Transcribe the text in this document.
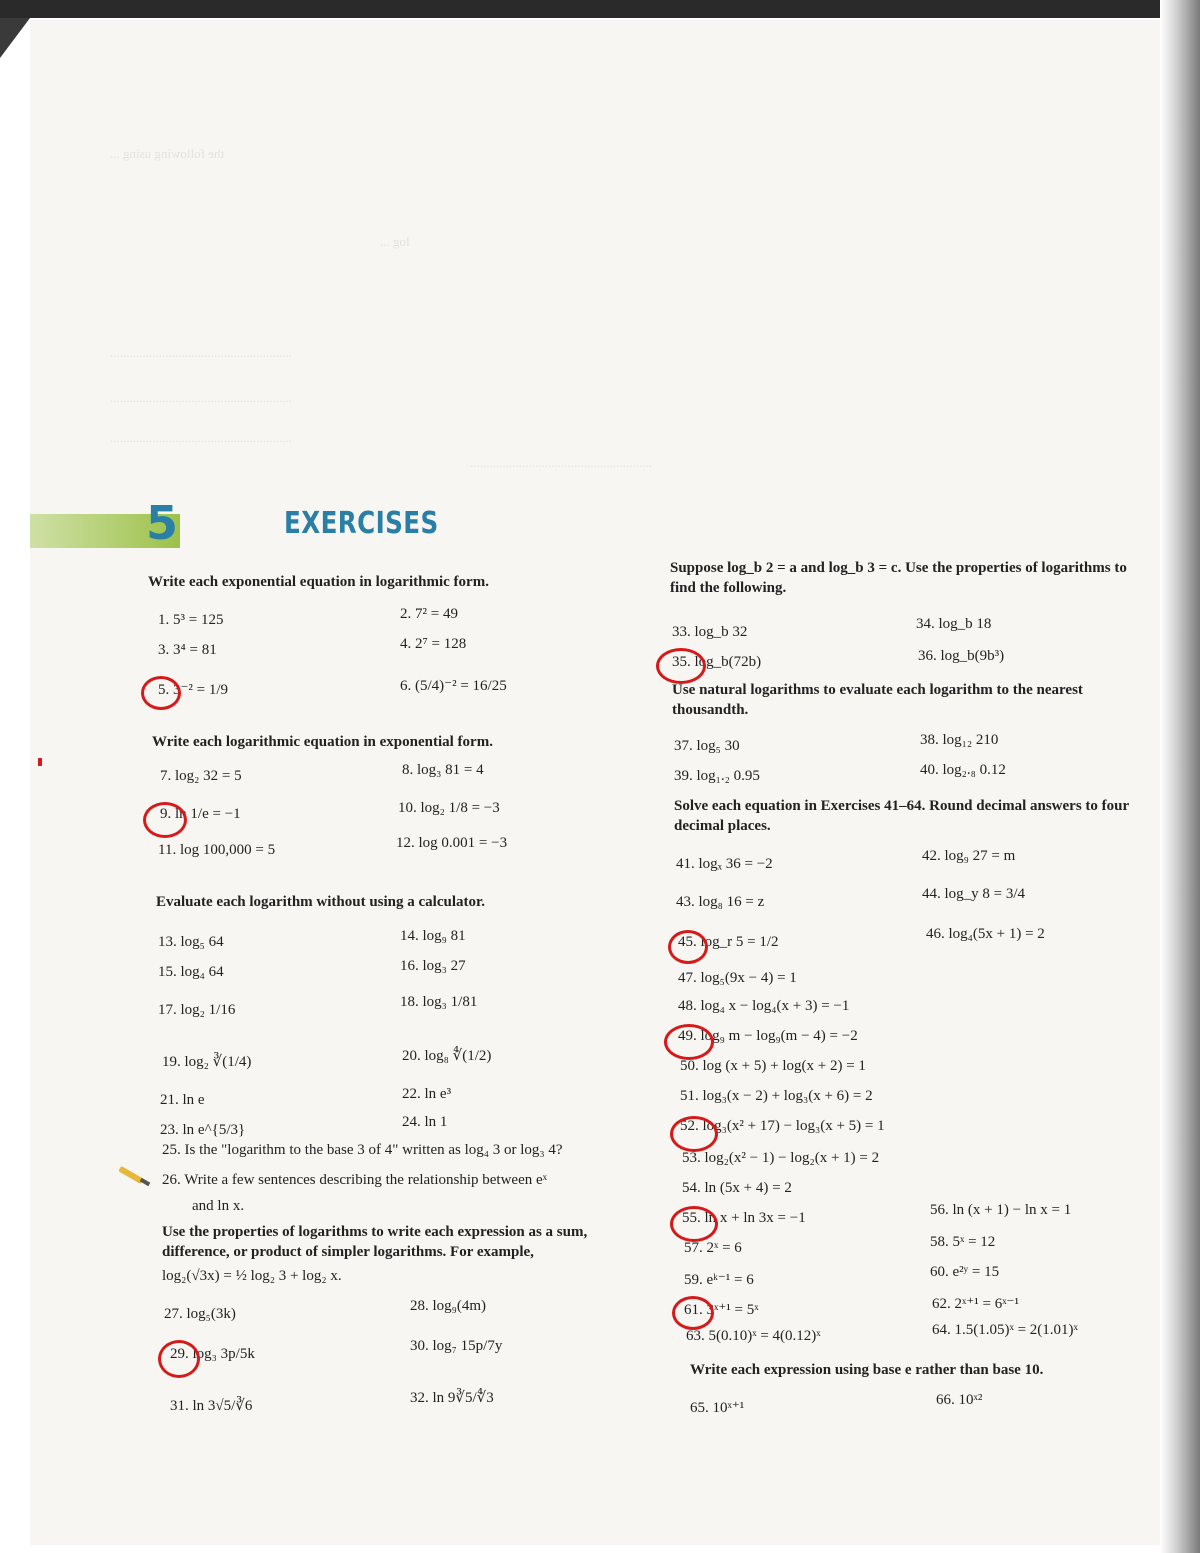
the following using ...
log ...
........................................................
........................................................
........................................................
........................................................
5	EXERCISES
Write each exponential equation in logarithmic form.
1. 5³ = 125	2. 7² = 49
3. 3⁴ = 81	4. 2⁷ = 128
5. 3⁻² = 1/9	6. (5/4)⁻² = 16/25
Write each logarithmic equation in exponential form.
7. log₂ 32 = 5	8. log₃ 81 = 4
9. ln 1/e = −1	10. log₂ 1/8 = −3
11. log 100,000 = 5	12. log 0.001 = −3
Evaluate each logarithm without using a calculator.
13. log₅ 64	14. log₉ 81
15. log₄ 64	16. log₃ 27
17. log₂ 1/16	18. log₃ 1/81
19. log₂ ∛(1/4)	20. log₈ ∜(1/2)
21. ln e	22. ln e³
23. ln e^{5/3}	24. ln 1
25. Is the "logarithm to the base 3 of 4" written as log₄ 3 or log₃ 4?
26. Write a few sentences describing the relationship between eˣ
and ln x.
Use the properties of logarithms to write each expression as a sum, difference, or product of simpler logarithms. For example,
log₂(√3x) = ½ log₂ 3 + log₂ x.
27. log₅(3k)	28. log₉(4m)
29. log₃ 3p/5k	30. log₇ 15p/7y
31. ln 3√5/∛6	32. ln 9∛5/∜3
Suppose log_b 2 = a and log_b 3 = c. Use the properties of logarithms to find the following.
33. log_b 32	34. log_b 18
35. log_b(72b)	36. log_b(9b³)
Use natural logarithms to evaluate each logarithm to the nearest thousandth.
37. log₅ 30	38. log₁₂ 210
39. log₁.₂ 0.95	40. log₂.₈ 0.12
Solve each equation in Exercises 41–64. Round decimal answers to four decimal places.
41. logₓ 36 = −2	42. log₉ 27 = m
43. log₈ 16 = z	44. log_y 8 = 3/4
45. log_r 5 = 1/2	46. log₄(5x + 1) = 2
47. log₅(9x − 4) = 1
48. log₄ x − log₄(x + 3) = −1
49. log₉ m − log₉(m − 4) = −2
50. log (x + 5) + log(x + 2) = 1
51. log₃(x − 2) + log₃(x + 6) = 2
52. log₃(x² + 17) − log₃(x + 5) = 1
53. log₂(x² − 1) − log₂(x + 1) = 2
54. ln (5x + 4) = 2
55. ln x + ln 3x = −1	56. ln (x + 1) − ln x = 1
57. 2ˣ = 6	58. 5ˣ = 12
59. eᵏ⁻¹ = 6	60. e²ʸ = 15
61. 3ˣ⁺¹ = 5ˣ	62. 2ˣ⁺¹ = 6ˣ⁻¹
63. 5(0.10)ˣ = 4(0.12)ˣ	64. 1.5(1.05)ˣ = 2(1.01)ˣ
Write each expression using base e rather than base 10.
65. 10ˣ⁺¹	66. 10ˣ²
